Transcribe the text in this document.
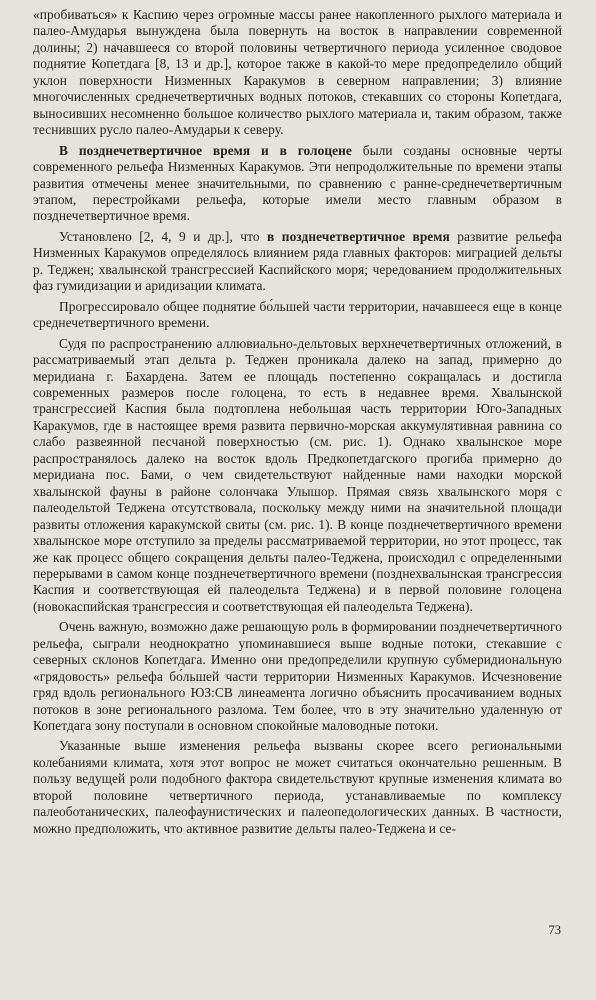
«пробиваться» к Каспию через огромные массы ранее накопленного рыхлого материала и палео-Амударья вынуждена была повернуть на восток в направлении современной долины; 2) начавшееся со второй половины четвертичного периода усиленное сводовое поднятие Копетдага [8, 13 и др.], которое также в какой-то мере предопределило общий уклон поверхности Низменных Каракумов в северном направлении; 3) влияние многочисленных среднечетвертичных водных потоков, стекавших со стороны Копетдага, выносивших несомненно большое количество рыхлого материала и, таким образом, также теснивших русло палео-Амударьи к северу.

В позднечетвертичное время и в голоцене были созданы основные черты современного рельефа Низменных Каракумов. Эти непродолжительные по времени этапы развития отмечены менее значительными, по сравнению с ранне-среднечетвертичным этапом, перестройками рельефа, которые имели место главным образом в позднечетвертичное время.

Установлено [2, 4, 9 и др.], что в позднечетвертичное время развитие рельефа Низменных Каракумов определялось влиянием ряда главных факторов: миграцией дельты р. Теджен; хвалынской трансгрессией Каспийского моря; чередованием продолжительных фаз гумидизации и аридизации климата.

Прогрессировало общее поднятие бо́льшей части территории, начавшееся еще в конце среднечетвертичного времени.

Судя по распространению аллювиально-дельтовых верхнечетвертичных отложений, в рассматриваемый этап дельта р. Теджен проникала далеко на запад, примерно до меридиана г. Бахардена. Затем ее площадь постепенно сокращалась и достигла современных размеров после голоцена, то есть в недавнее время. Хвалынской трансгрессией Каспия была подтоплена небольшая часть территории Юго-Западных Каракумов, где в настоящее время развита первично-морская аккумулятивная равнина со слабо развеянной песчаной поверхностью (см. рис. 1). Однако хвалынское море распространялось далеко на восток вдоль Предкопетдагского прогиба примерно до меридиана пос. Бами, о чем свидетельствуют найденные нами находки морской хвалынской фауны в районе солончака Улышор. Прямая связь хвалынского моря с палеодельтой Теджена отсутствовала, поскольку между ними на значительной площади развиты отложения каракумской свиты (см. рис. 1). В конце позднечетвертичного времени хвалынское море отступило за пределы рассматриваемой территории, но этот процесс, так же как процесс общего сокращения дельты палео-Теджена, происходил с определенными перерывами в самом конце позднечетвертичного времени (позднехвалынская трансгрессия Каспия и соответствующая ей палеодельта Теджена) и в первой половине голоцена (новокаспийская трансгрессия и соответствующая ей палеодельта Теджена).

Очень важную, возможно даже решающую роль в формировании позднечетвертичного рельефа, сыграли неоднократно упоминавшиеся выше водные потоки, стекавшие с северных склонов Копетдага. Именно они предопределили крупную субмеридиональную «грядовость» рельефа бо́льшей части территории Низменных Каракумов. Исчезновение гряд вдоль регионального ЮЗ:СВ линеамента логично объяснить просачиванием водных потоков в зоне регионального разлома. Тем более, что в эту значительно удаленную от Копетдага зону поступали в основном спокойные маловодные потоки.

Указанные выше изменения рельефа вызваны скорее всего региональными колебаниями климата, хотя этот вопрос не может считаться окончательно решенным. В пользу ведущей роли подобного фактора свидетельствуют крупные изменения климата во второй половине четвертичного периода, устанавливаемые по комплексу палеоботанических, палеофаунистических и палеопедологических данных. В частности, можно предположить, что активное развитие дельты палео-Теджена и се-

73
